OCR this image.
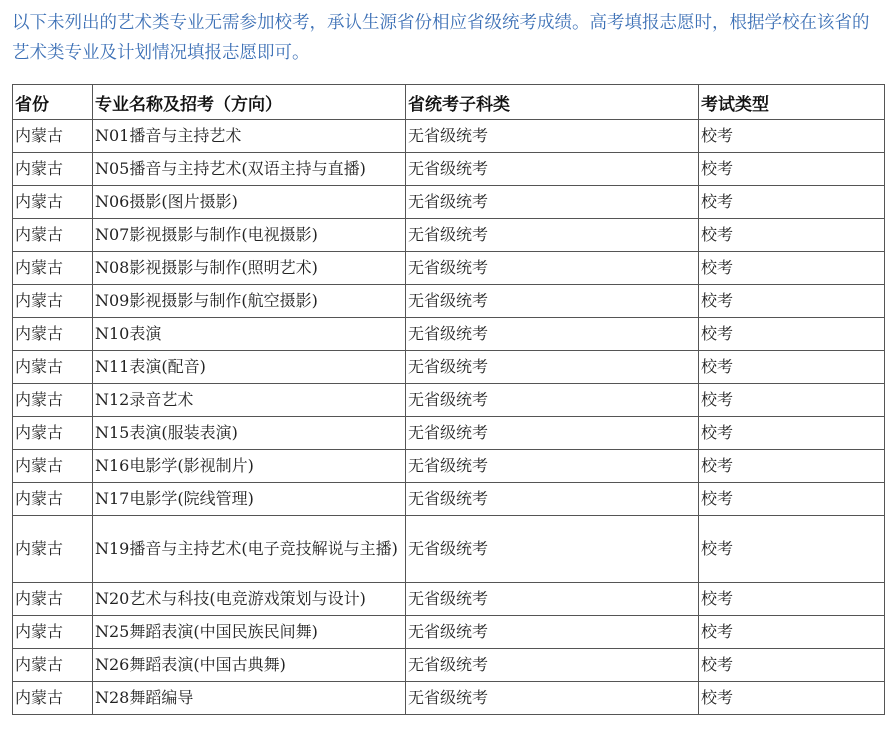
以下未列出的艺术类专业无需参加校考，承认生源省份相应省级统考成绩。高考填报志愿时，根据学校在该省的艺术类专业及计划情况填报志愿即可。

省份	专业名称及招考（方向）	省统考子科类	考试类型
内蒙古	N01播音与主持艺术	无省级统考	校考
内蒙古	N05播音与主持艺术(双语主持与直播)	无省级统考	校考
内蒙古	N06摄影(图片摄影)	无省级统考	校考
内蒙古	N07影视摄影与制作(电视摄影)	无省级统考	校考
内蒙古	N08影视摄影与制作(照明艺术)	无省级统考	校考
内蒙古	N09影视摄影与制作(航空摄影)	无省级统考	校考
内蒙古	N10表演	无省级统考	校考
内蒙古	N11表演(配音)	无省级统考	校考
内蒙古	N12录音艺术	无省级统考	校考
内蒙古	N15表演(服装表演)	无省级统考	校考
内蒙古	N16电影学(影视制片)	无省级统考	校考
内蒙古	N17电影学(院线管理)	无省级统考	校考
内蒙古	N19播音与主持艺术(电子竞技解说与主播)	无省级统考	校考
内蒙古	N20艺术与科技(电竞游戏策划与设计)	无省级统考	校考
内蒙古	N25舞蹈表演(中国民族民间舞)	无省级统考	校考
内蒙古	N26舞蹈表演(中国古典舞)	无省级统考	校考
内蒙古	N28舞蹈编导	无省级统考	校考
